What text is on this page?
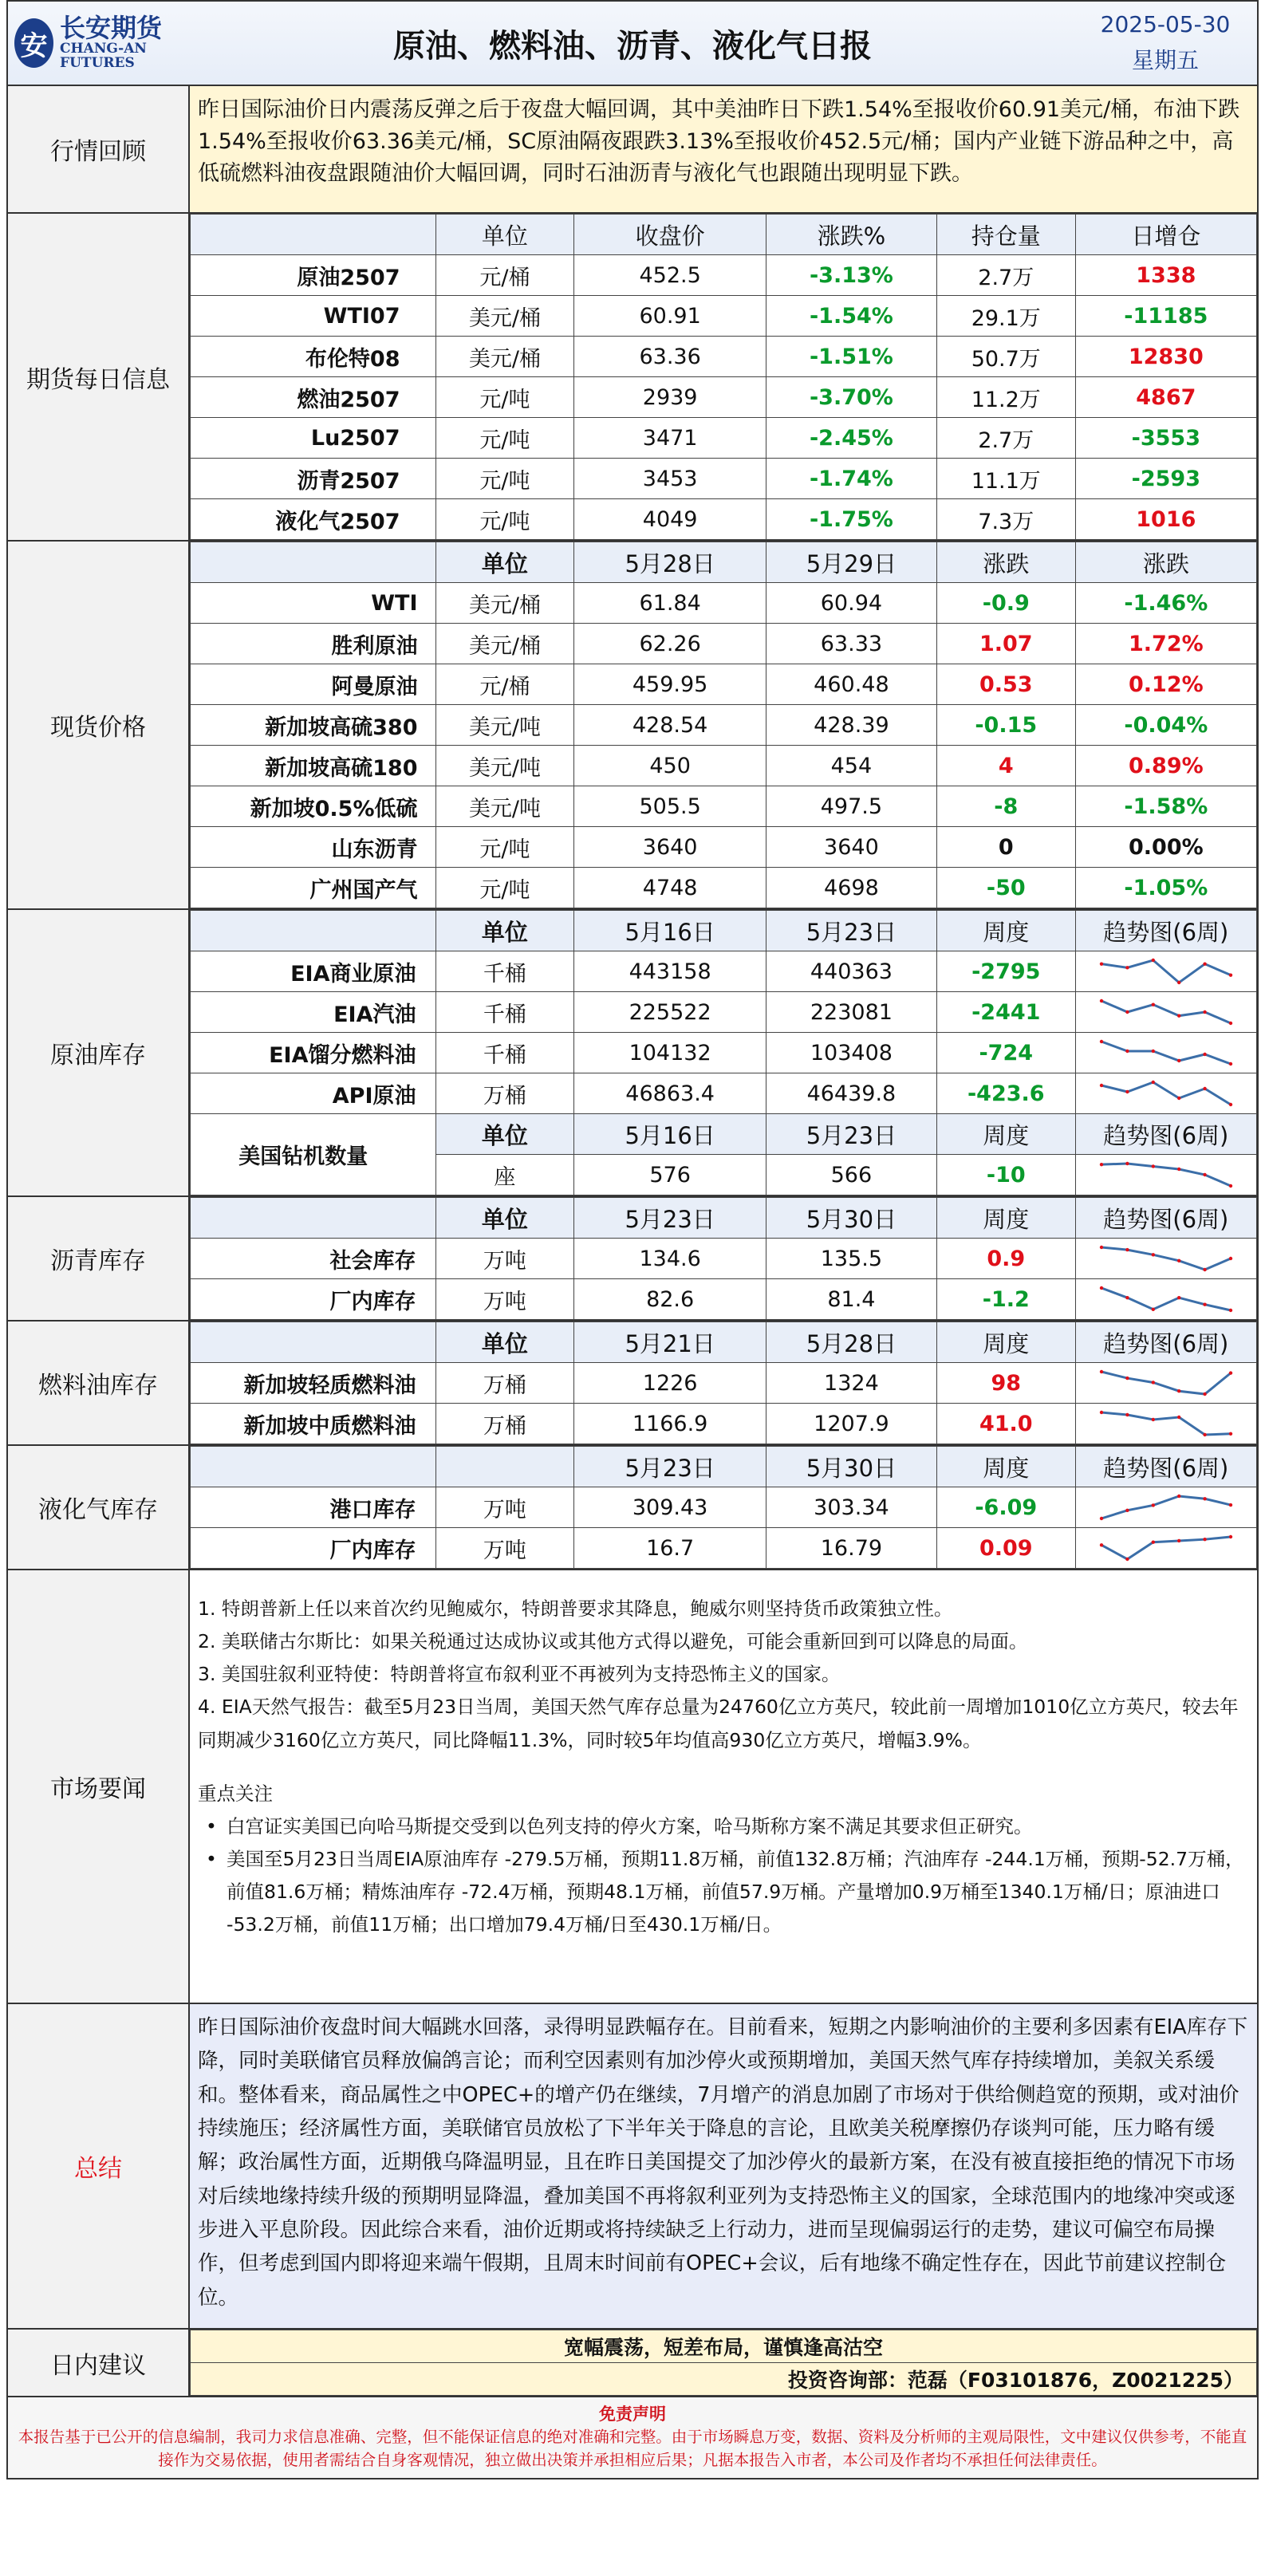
安
长安期货
CHANG-AN FUTURES	原油、燃料油、沥青、液化气日报
2025-05-30
星期五
行情回顾
昨日国际油价日内震荡反弹之后于夜盘大幅回调，其中美油昨日下跌1.54%至报收价60.91美元/桶，布油下跌1.54%至报收价63.36美元/桶，SC原油隔夜跟跌3.13%至报收价452.5元/桶；国内产业链下游品种之中，高低硫燃料油夜盘跟随油价大幅回调，同时石油沥青与液化气也跟随出现明显下跌。
期货每日信息
	单位	收盘价	涨跌%	持仓量	日增仓
原油2507	元/桶	452.5	-3.13%	2.7万	1338
WTI07	美元/桶	60.91	-1.54%	29.1万	-11185
布伦特08	美元/桶	63.36	-1.51%	50.7万	12830
燃油2507	元/吨	2939	-3.70%	11.2万	4867
Lu2507	元/吨	3471	-2.45%	2.7万	-3553
沥青2507	元/吨	3453	-1.74%	11.1万	-2593
液化气2507	元/吨	4049	-1.75%	7.3万	1016
现货价格
	单位	5月28日	5月29日	涨跌	涨跌
WTI	美元/桶	61.84	60.94	-0.9	-1.46%
胜利原油	美元/桶	62.26	63.33	1.07	1.72%
阿曼原油	元/桶	459.95	460.48	0.53	0.12%
新加坡高硫380	美元/吨	428.54	428.39	-0.15	-0.04%
新加坡高硫180	美元/吨	450	454	4	0.89%
新加坡0.5%低硫	美元/吨	505.5	497.5	-8	-1.58%
山东沥青	元/吨	3640	3640	0	0.00%
广州国产气	元/吨	4748	4698	-50	-1.05%
原油库存
	单位	5月16日	5月23日	周度	趋势图(6周)
EIA商业原油	千桶	443158	440363	-2795	

EIA汽油	千桶	225522	223081	-2441	

EIA馏分燃料油	千桶	104132	103408	-724	

API原油	万桶	46863.4	46439.8	-423.6	

美国钻机数量	单位	5月16日	5月23日	周度	趋势图(6周)
	座	576	566	-10	
沥青库存
	单位	5月23日	5月30日	周度	趋势图(6周)
社会库存	万吨	134.6	135.5	0.9	

厂内库存	万吨	82.6	81.4	-1.2	
燃料油库存
	单位	5月21日	5月28日	周度	趋势图(6周)
新加坡轻质燃料油	万桶	1226	1324	98	

新加坡中质燃料油	万桶	1166.9	1207.9	41.0	
液化气库存
		5月23日	5月30日	周度	趋势图(6周)
港口库存	万吨	309.43	303.34	-6.09	

厂内库存	万吨	16.7	16.79	0.09	
市场要闻

1. 特朗普新上任以来首次约见鲍威尔，特朗普要求其降息，鲍威尔则坚持货币政策独立性。

2. 美联储古尔斯比：如果关税通过达成协议或其他方式得以避免，可能会重新回到可以降息的局面。

3. 美国驻叙利亚特使：特朗普将宣布叙利亚不再被列为支持恐怖主义的国家。

4. EIA天然气报告：截至5月23日当周，美国天然气库存总量为24760亿立方英尺，较此前一周增加1010亿立方英尺，较去年同期减少3160亿立方英尺，同比降幅11.3%，同时较5年均值高930亿立方英尺，增幅3.9%。

重点关注

• 白宫证实美国已向哈马斯提交受到以色列支持的停火方案，哈马斯称方案不满足其要求但正研究。
• 美国至5月23日当周EIA原油库存 -279.5万桶，预期11.8万桶，前值132.8万桶；汽油库存 -244.1万桶，预期-52.7万桶，前值81.6万桶；精炼油库存 -72.4万桶，预期48.1万桶，前值57.9万桶。产量增加0.9万桶至1340.1万桶/日；原油进口 -53.2万桶，前值11万桶；出口增加79.4万桶/日至430.1万桶/日。
总结
昨日国际油价夜盘时间大幅跳水回落，录得明显跌幅存在。目前看来，短期之内影响油价的主要利多因素有EIA库存下降，同时美联储官员释放偏鸽言论；而利空因素则有加沙停火或预期增加，美国天然气库存持续增加，美叙关系缓和。整体看来，商品属性之中OPEC+的增产仍在继续，7月增产的消息加剧了市场对于供给侧趋宽的预期，或对油价持续施压；经济属性方面，美联储官员放松了下半年关于降息的言论，且欧美关税摩擦仍存谈判可能，压力略有缓解；政治属性方面，近期俄乌降温明显，且在昨日美国提交了加沙停火的最新方案，在没有被直接拒绝的情况下市场对后续地缘持续升级的预期明显降温，叠加美国不再将叙利亚列为支持恐怖主义的国家，全球范围内的地缘冲突或逐步进入平息阶段。因此综合来看，油价近期或将持续缺乏上行动力，进而呈现偏弱运行的走势，建议可偏空布局操作，但考虑到国内即将迎来端午假期，且周末时间前有OPEC+会议，后有地缘不确定性存在，因此节前建议控制仓位。
日内建议
宽幅震荡，短差布局，谨慎逢高沽空
投资咨询部：范磊（F03101876，Z0021225）
免责声明
本报告基于已公开的信息编制，我司力求信息准确、完整，但不能保证信息的绝对准确和完整。由于市场瞬息万变，数据、资料及分析师的主观局限性，文中建议仅供参考，不能直接作为交易依据，使用者需结合自身客观情况，独立做出决策并承担相应后果；凡据本报告入市者，本公司及作者均不承担任何法律责任。
